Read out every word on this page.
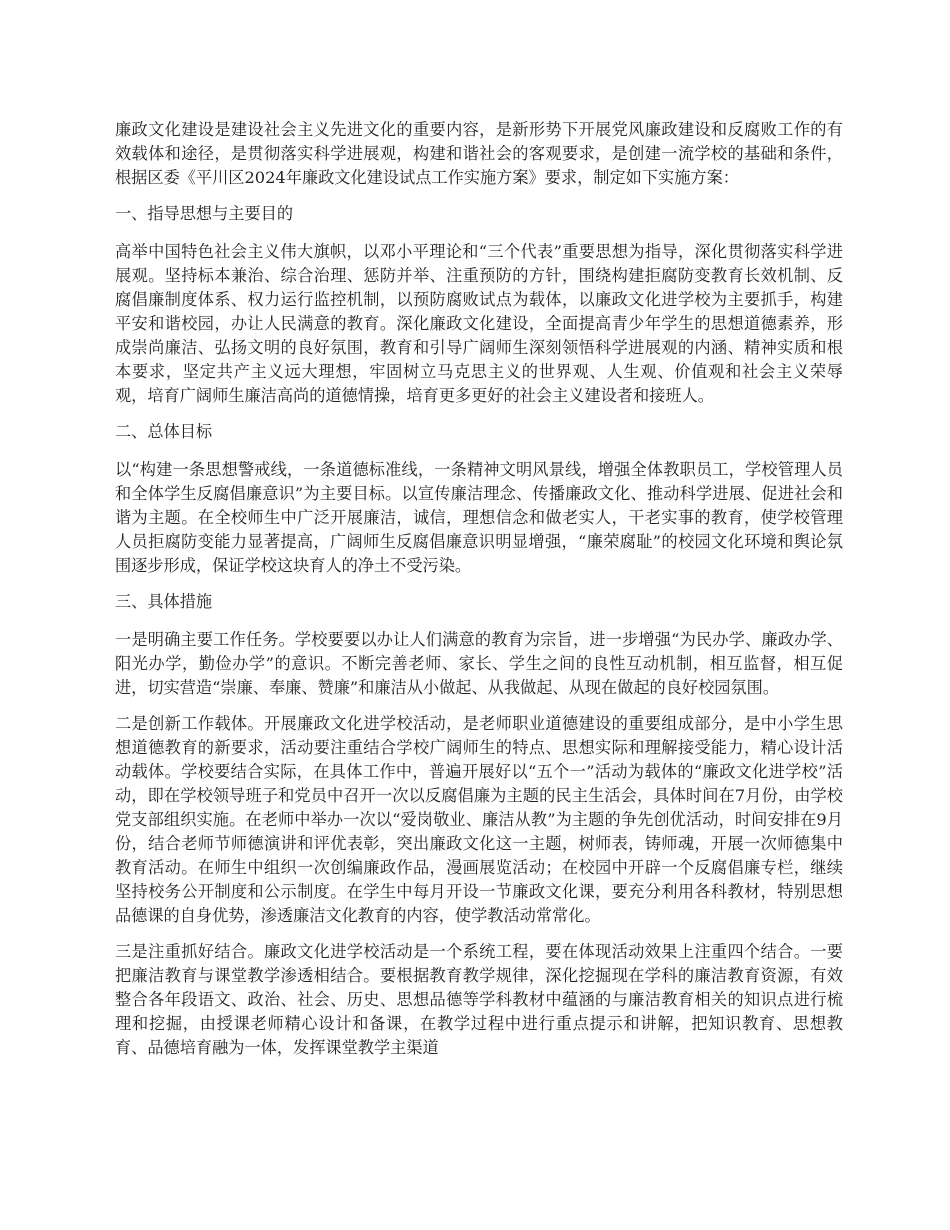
廉政文化建设是建设社会主义先进文化的重要内容，是新形势下开展党风廉政建设和反腐败工作的有效载体和途径，是贯彻落实科学进展观，构建和谐社会的客观要求，是创建一流学校的基础和条件，根据区委《平川区2024年廉政文化建设试点工作实施方案》要求，制定如下实施方案：

一、指导思想与主要目的

高举中国特色社会主义伟大旗帜，以邓小平理论和“三个代表”重要思想为指导，深化贯彻落实科学进展观。坚持标本兼治、综合治理、惩防并举、注重预防的方针，围绕构建拒腐防变教育长效机制、反腐倡廉制度体系、权力运行监控机制，以预防腐败试点为载体，以廉政文化进学校为主要抓手，构建平安和谐校园，办让人民满意的教育。深化廉政文化建设，全面提高青少年学生的思想道德素养，形成崇尚廉洁、弘扬文明的良好氛围，教育和引导广阔师生深刻领悟科学进展观的内涵、精神实质和根本要求，坚定共产主义远大理想，牢固树立马克思主义的世界观、人生观、价值观和社会主义荣辱观，培育广阔师生廉洁高尚的道德情操，培育更多更好的社会主义建设者和接班人。

二、总体目标

以“构建一条思想警戒线，一条道德标准线，一条精神文明风景线，增强全体教职员工，学校管理人员和全体学生反腐倡廉意识”为主要目标。以宣传廉洁理念、传播廉政文化、推动科学进展、促进社会和谐为主题。在全校师生中广泛开展廉洁，诚信，理想信念和做老实人，干老实事的教育，使学校管理人员拒腐防变能力显著提高，广阔师生反腐倡廉意识明显增强，“廉荣腐耻”的校园文化环境和舆论氛围逐步形成，保证学校这块育人的净土不受污染。

三、具体措施

一是明确主要工作任务。学校要要以办让人们满意的教育为宗旨，进一步增强“为民办学、廉政办学、阳光办学，勤俭办学”的意识。不断完善老师、家长、学生之间的良性互动机制，相互监督，相互促进，切实营造“崇廉、奉廉、赞廉”和廉洁从小做起、从我做起、从现在做起的良好校园氛围。

二是创新工作载体。开展廉政文化进学校活动，是老师职业道德建设的重要组成部分，是中小学生思想道德教育的新要求，活动要注重结合学校广阔师生的特点、思想实际和理解接受能力，精心设计活动载体。学校要结合实际，在具体工作中，普遍开展好以“五个一”活动为载体的“廉政文化进学校”活动，即在学校领导班子和党员中召开一次以反腐倡廉为主题的民主生活会，具体时间在7月份，由学校党支部组织实施。在老师中举办一次以“爱岗敬业、廉洁从教”为主题的争先创优活动，时间安排在9月份，结合老师节师德演讲和评优表彰，突出廉政文化这一主题，树师表，铸师魂，开展一次师德集中教育活动。在师生中组织一次创编廉政作品，漫画展览活动；在校园中开辟一个反腐倡廉专栏，继续坚持校务公开制度和公示制度。在学生中每月开设一节廉政文化课，要充分利用各科教材，特别思想品德课的自身优势，渗透廉洁文化教育的内容，使学教活动常常化。

三是注重抓好结合。廉政文化进学校活动是一个系统工程，要在体现活动效果上注重四个结合。一要把廉洁教育与课堂教学渗透相结合。要根据教育教学规律，深化挖掘现在学科的廉洁教育资源，有效整合各年段语文、政治、社会、历史、思想品德等学科教材中蕴涵的与廉洁教育相关的知识点进行梳理和挖掘，由授课老师精心设计和备课，在教学过程中进行重点提示和讲解，把知识教育、思想教育、品德培育融为一体，发挥课堂教学主渠道
